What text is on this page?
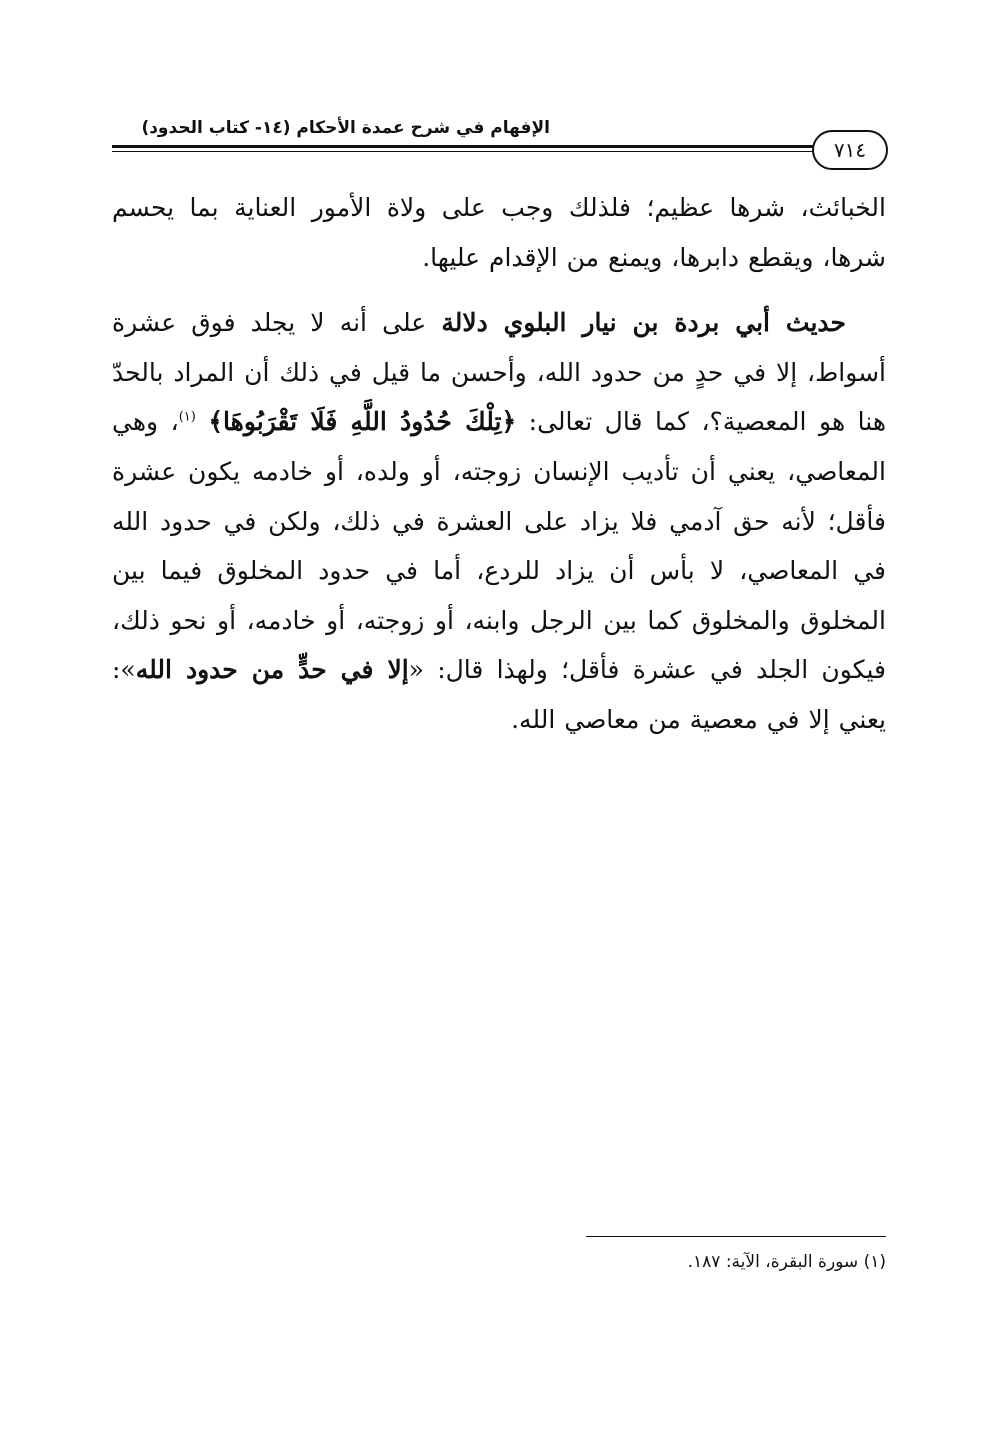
الإفهام في شرح عمدة الأحكام (١٤- كتاب الحدود)
٧١٤

الخبائث، شرها عظيم؛ فلذلك وجب على ولاة الأمور العناية بما يحسم شرها، ويقطع دابرها، ويمنع من الإقدام عليها.

حديث أبي بردة بن نيار البلوي دلالة على أنه لا يجلد فوق عشرة أسواط، إلا في حدٍ من حدود الله، وأحسن ما قيل في ذلك أن المراد بالحدّ هنا هو المعصية؟، كما قال تعالى: ﴿تِلْكَ حُدُودُ اللَّهِ فَلَا تَقْرَبُوهَا﴾ $^{(١)}$، وهي المعاصي، يعني أن تأديب الإنسان زوجته، أو ولده، أو خادمه يكون عشرة فأقل؛ لأنه حق آدمي فلا يزاد على العشرة في ذلك، ولكن في حدود الله في المعاصي، لا بأس أن يزاد للردع، أما في حدود المخلوق فيما بين المخلوق والمخلوق كما بين الرجل وابنه، أو زوجته، أو خادمه، أو نحو ذلك، فيكون الجلد في عشرة فأقل؛ ولهذا قال: «إلا في حدٍّ من حدود الله»: يعني إلا في معصية من معاصي الله.

(١) سورة البقرة، الآية: ١٨٧.
